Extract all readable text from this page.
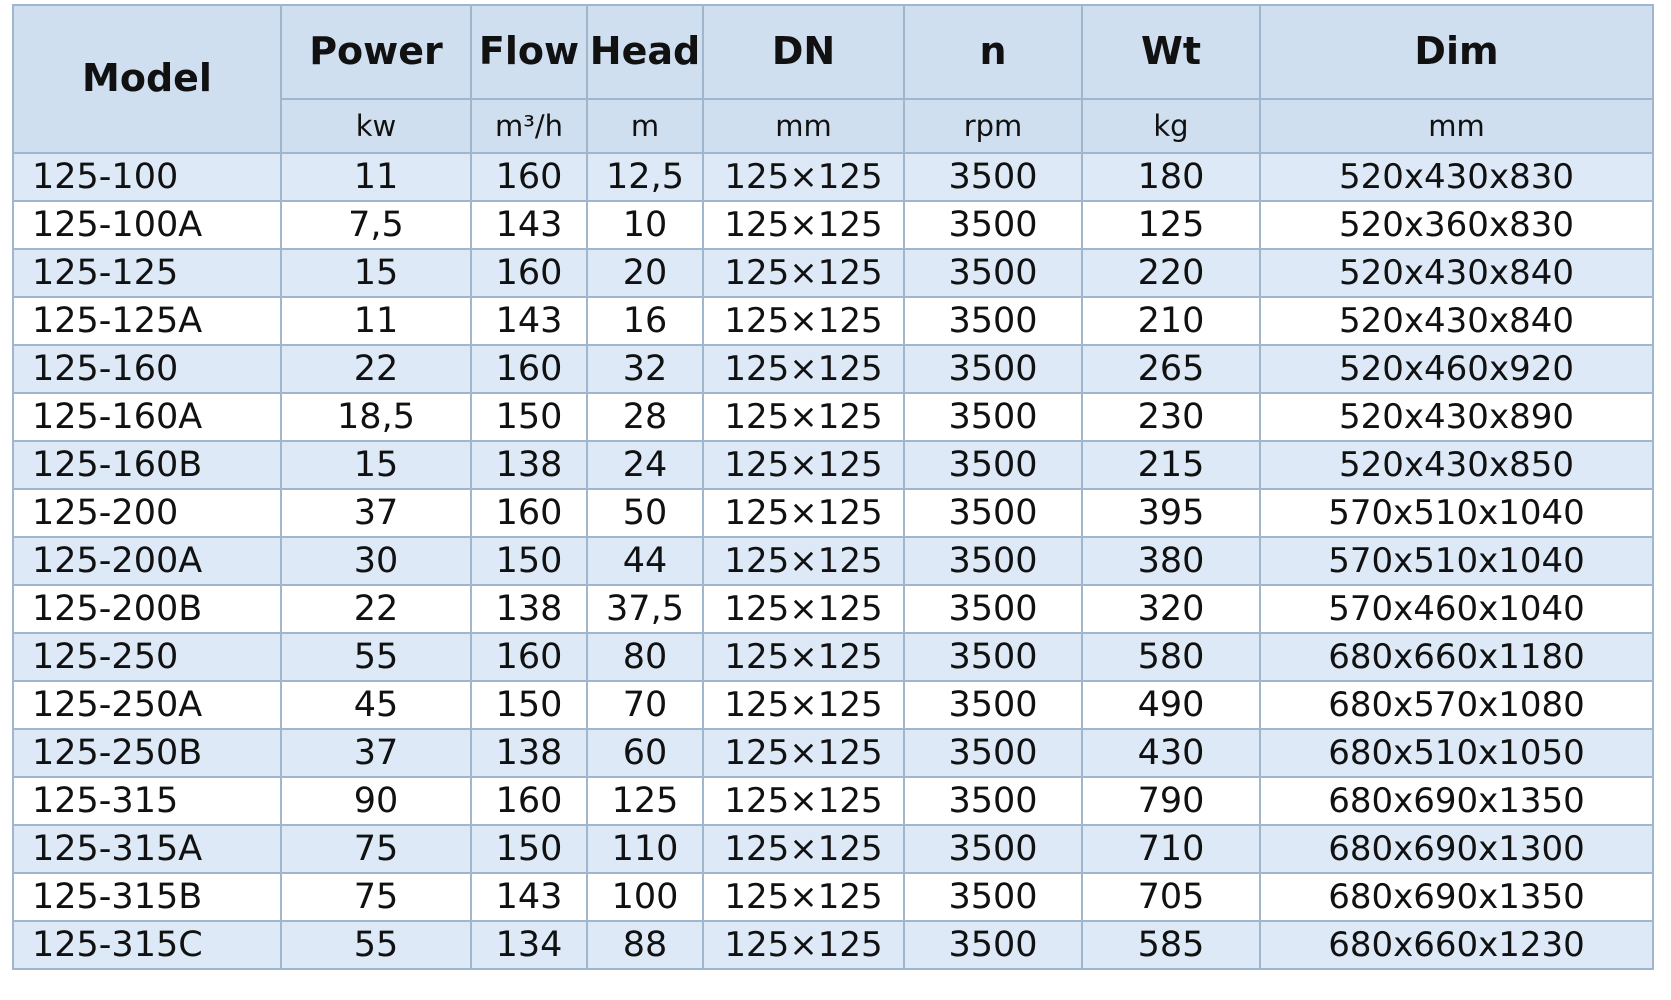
Model	Power	Flow	Head	DN	n	Wt	Dim
	kw	m³/h	m	mm	rpm	kg	mm
125-100	11	160	12,5	125×125	3500	180	520x430x830
125-100A	7,5	143	10	125×125	3500	125	520x360x830
125-125	15	160	20	125×125	3500	220	520x430x840
125-125A	11	143	16	125×125	3500	210	520x430x840
125-160	22	160	32	125×125	3500	265	520x460x920
125-160A	18,5	150	28	125×125	3500	230	520x430x890
125-160B	15	138	24	125×125	3500	215	520x430x850
125-200	37	160	50	125×125	3500	395	570x510x1040
125-200A	30	150	44	125×125	3500	380	570x510x1040
125-200B	22	138	37,5	125×125	3500	320	570x460x1040
125-250	55	160	80	125×125	3500	580	680x660x1180
125-250A	45	150	70	125×125	3500	490	680x570x1080
125-250B	37	138	60	125×125	3500	430	680x510x1050
125-315	90	160	125	125×125	3500	790	680x690x1350
125-315A	75	150	110	125×125	3500	710	680x690x1300
125-315B	75	143	100	125×125	3500	705	680x690x1350
125-315C	55	134	88	125×125	3500	585	680x660x1230
